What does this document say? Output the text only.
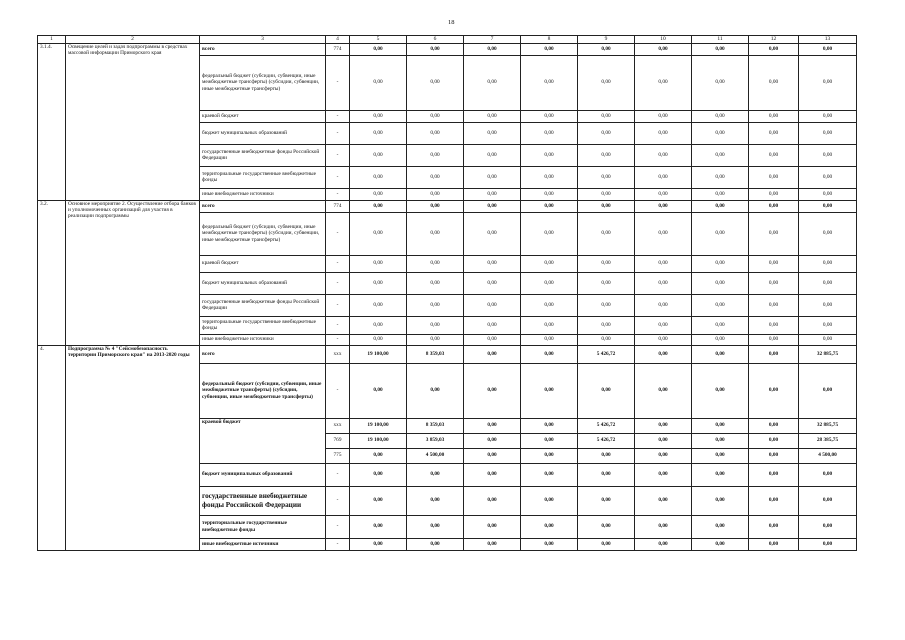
18
1	2	3	4	5	6	7	8	9	10	11	12	13
3.1.4.	Освещение целей и задач подпрограммы в средствах массовой информации Приморского края	всего	774	0,00	0,00	0,00	0,00	0,00	0,00	0,00	0,00	0,00
		федеральный бюджет (субсидии, субвенции, иные межбюджетные трансферты) (субсидии, субвенции, иные межбюджетные трансферты)	-	0,00	0,00	0,00	0,00	0,00	0,00	0,00	0,00	0,00
		краевой бюджет	-	0,00	0,00	0,00	0,00	0,00	0,00	0,00	0,00	0,00
		бюджет муниципальных образований	-	0,00	0,00	0,00	0,00	0,00	0,00	0,00	0,00	0,00
		государственные внебюджетные фонды Российской Федерации	-	0,00	0,00	0,00	0,00	0,00	0,00	0,00	0,00	0,00
		территориальные государственные внебюджетные фонды	-	0,00	0,00	0,00	0,00	0,00	0,00	0,00	0,00	0,00
		иные внебюджетные источники	-	0,00	0,00	0,00	0,00	0,00	0,00	0,00	0,00	0,00
3.2.	Основное мероприятие 2. Осуществление отбора банков и уполномоченных организаций для участия в реализации подпрограммы	всего	774	0,00	0,00	0,00	0,00	0,00	0,00	0,00	0,00	0,00
		федеральный бюджет (субсидии, субвенции, иные межбюджетные трансферты) (субсидии, субвенции, иные межбюджетные трансферты)	-	0,00	0,00	0,00	0,00	0,00	0,00	0,00	0,00	0,00
		краевой бюджет	-	0,00	0,00	0,00	0,00	0,00	0,00	0,00	0,00	0,00
		бюджет муниципальных образований	-	0,00	0,00	0,00	0,00	0,00	0,00	0,00	0,00	0,00
		государственные внебюджетные фонды Российской Федерации	-	0,00	0,00	0,00	0,00	0,00	0,00	0,00	0,00	0,00
		территориальные государственные внебюджетные фонды	-	0,00	0,00	0,00	0,00	0,00	0,00	0,00	0,00	0,00
		иные внебюджетные источники	-	0,00	0,00	0,00	0,00	0,00	0,00	0,00	0,00	0,00
4.	Подпрограмма № 4 "Сейсмобезопасность территории Приморского края" на 2013-2020 годы	всего	ххх	19 100,00	8 359,03	0,00	0,00	5 426,72	0,00	0,00	0,00	32 885,75
		федеральный бюджет (субсидии, субвенции, иные межбюджетные трансферты) (субсидии, субвенции, иные межбюджетные трансферты)	-	0,00	0,00	0,00	0,00	0,00	0,00	0,00	0,00	0,00
		краевой бюджет	ххх	19 100,00	8 359,03	0,00	0,00	5 426,72	0,00	0,00	0,00	32 885,75
			769	19 100,00	3 859,03	0,00	0,00	5 426,72	0,00	0,00	0,00	28 385,75
			775	0,00	4 500,00	0,00	0,00	0,00	0,00	0,00	0,00	4 500,00
		бюджет муниципальных образований	-	0,00	0,00	0,00	0,00	0,00	0,00	0,00	0,00	0,00
		государственные внебюджетные фонды Российской Федерации	-	0,00	0,00	0,00	0,00	0,00	0,00	0,00	0,00	0,00
		территориальные государственные внебюджетные фонды	-	0,00	0,00	0,00	0,00	0,00	0,00	0,00	0,00	0,00
		иные внебюджетные источники	-	0,00	0,00	0,00	0,00	0,00	0,00	0,00	0,00	0,00
